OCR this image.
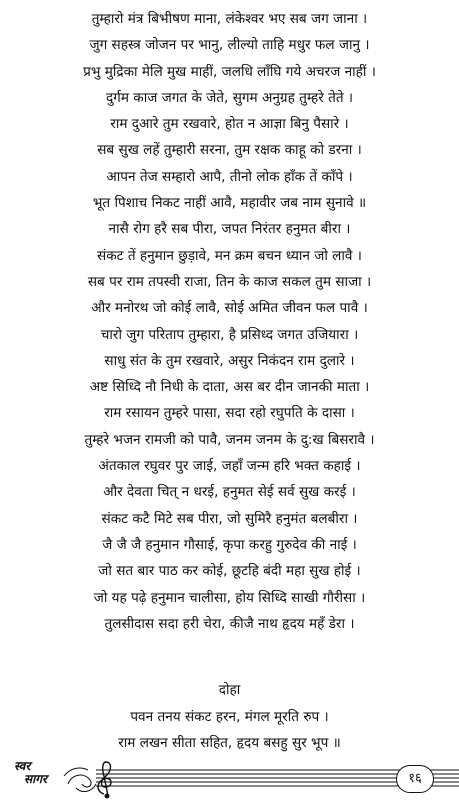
तुम्हारो मंत्र बिभीषण माना, लंकेश्वर भए सब जग जाना ।
जुग सहस्त्र जोजन पर भानु, लील्यो ताहि मधुर फल जानु ।
प्रभु मुद्रिका मेलि मुख माहीं, जलधि लाँघि गये अचरज नाहीं ।
दुर्गम काज जगत के जेते, सुगम अनुग्रह तुम्हरे तेते ।
राम दुआरे तुम रखवारे, होत न आज्ञा बिनु पैसारे ।
सब सुख लहें तुम्हारी सरना, तुम रक्षक काहू को डरना ।
आपन तेज सम्हारो आपै, तीनो लोक हाँक तें काँपे ।
भूत पिशाच निकट नाहीं आवै, महावीर जब नाम सुनावे ॥
नासै रोग हरै सब पीरा, जपत निरंतर हनुमत बीरा ।
संकट तें हनुमान छुड़ावे, मन क्रम बचन ध्यान जो लावै ।
सब पर राम तपस्वी राजा, तिन के काज सकल तुम साजा ।
और मनोरथ जो कोई लावै, सोई अमित जीवन फल पावै ।
चारो जुग परिताप तुम्हारा, है प्रसिध्द जगत उजियारा ।
साधु संत के तुम रखवारे, असुर निकंदन राम दुलारे ।
अष्ट सिध्दि नौ निधी के दाता, अस बर दीन जानकी माता ।
राम रसायन तुम्हरे पासा, सदा रहो रघुपति के दासा ।
तुम्हरे भजन रामजी को पावै, जनम जनम के दु:ख बिसरावै ।
अंतकाल रघुवर पुर जाई, जहाँ जन्म हरि भक्त कहाई ।
और देवता चित् न धरई, हनुमत सेई सर्व सुख करई ।
संकट कटै मिटे सब पीरा, जो सुमिरै हनुमंत बलबीरा ।
जै जै जै हनुमान गौसाई, कृपा करहु गुरुदेव की नाई ।
जो सत बार पाठ कर कोई, छूटहि बंदी महा सुख होई ।
जो यह पढ़े हनुमान चालीसा, होय सिध्दि साखी गौरीसा ।
तुलसीदास सदा हरी चेरा, कीजै नाथ हृदय महँ डेरा ।
दोहा
पवन तनय संकट हरन, मंगल मूरति रुप ।
राम लखन सीता सहित, हृदय बसहु सुर भूप ॥
स्वर
सागर	१६
